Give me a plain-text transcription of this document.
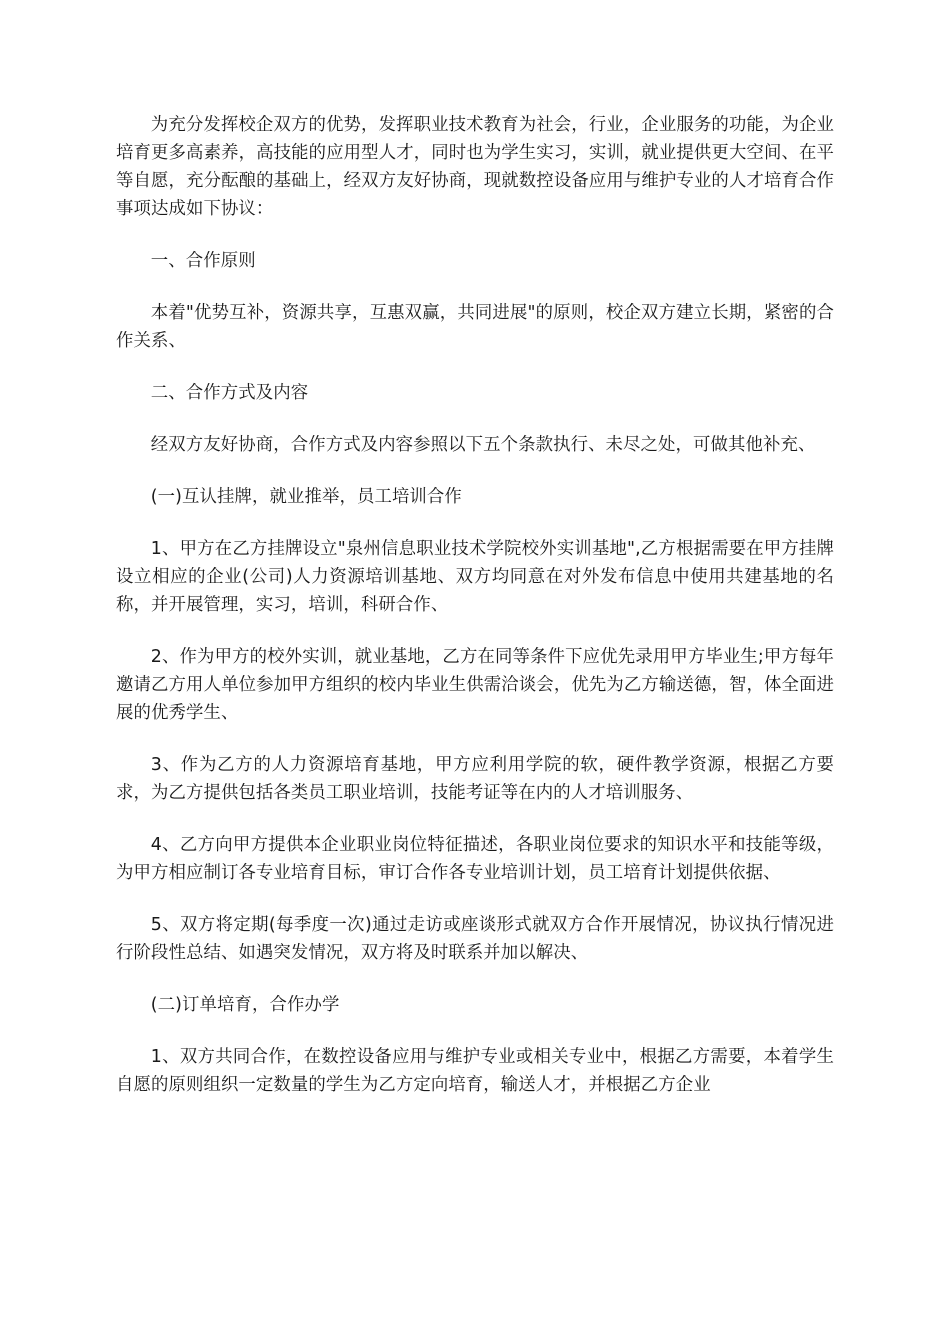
为充分发挥校企双方的优势，发挥职业技术教育为社会，行业，企业服务的功能，为企业培育更多高素养，高技能的应用型人才，同时也为学生实习，实训，就业提供更大空间、在平等自愿，充分酝酿的基础上，经双方友好协商，现就数控设备应用与维护专业的人才培育合作事项达成如下协议：

一、合作原则

本着"优势互补，资源共享，互惠双赢，共同进展"的原则，校企双方建立长期，紧密的合作关系、

二、合作方式及内容

经双方友好协商，合作方式及内容参照以下五个条款执行、未尽之处，可做其他补充、

(一)互认挂牌，就业推举，员工培训合作

1、甲方在乙方挂牌设立"泉州信息职业技术学院校外实训基地",乙方根据需要在甲方挂牌设立相应的企业(公司)人力资源培训基地、双方均同意在对外发布信息中使用共建基地的名称，并开展管理，实习，培训，科研合作、

2、作为甲方的校外实训，就业基地，乙方在同等条件下应优先录用甲方毕业生;甲方每年邀请乙方用人单位参加甲方组织的校内毕业生供需洽谈会，优先为乙方输送德，智，体全面进展的优秀学生、

3、作为乙方的人力资源培育基地，甲方应利用学院的软，硬件教学资源，根据乙方要求，为乙方提供包括各类员工职业培训，技能考证等在内的人才培训服务、

4、乙方向甲方提供本企业职业岗位特征描述，各职业岗位要求的知识水平和技能等级，为甲方相应制订各专业培育目标，审订合作各专业培训计划，员工培育计划提供依据、

5、双方将定期(每季度一次)通过走访或座谈形式就双方合作开展情况，协议执行情况进行阶段性总结、如遇突发情况，双方将及时联系并加以解决、

(二)订单培育，合作办学

1、双方共同合作，在数控设备应用与维护专业或相关专业中，根据乙方需要，本着学生自愿的原则组织一定数量的学生为乙方定向培育，输送人才，并根据乙方企业
